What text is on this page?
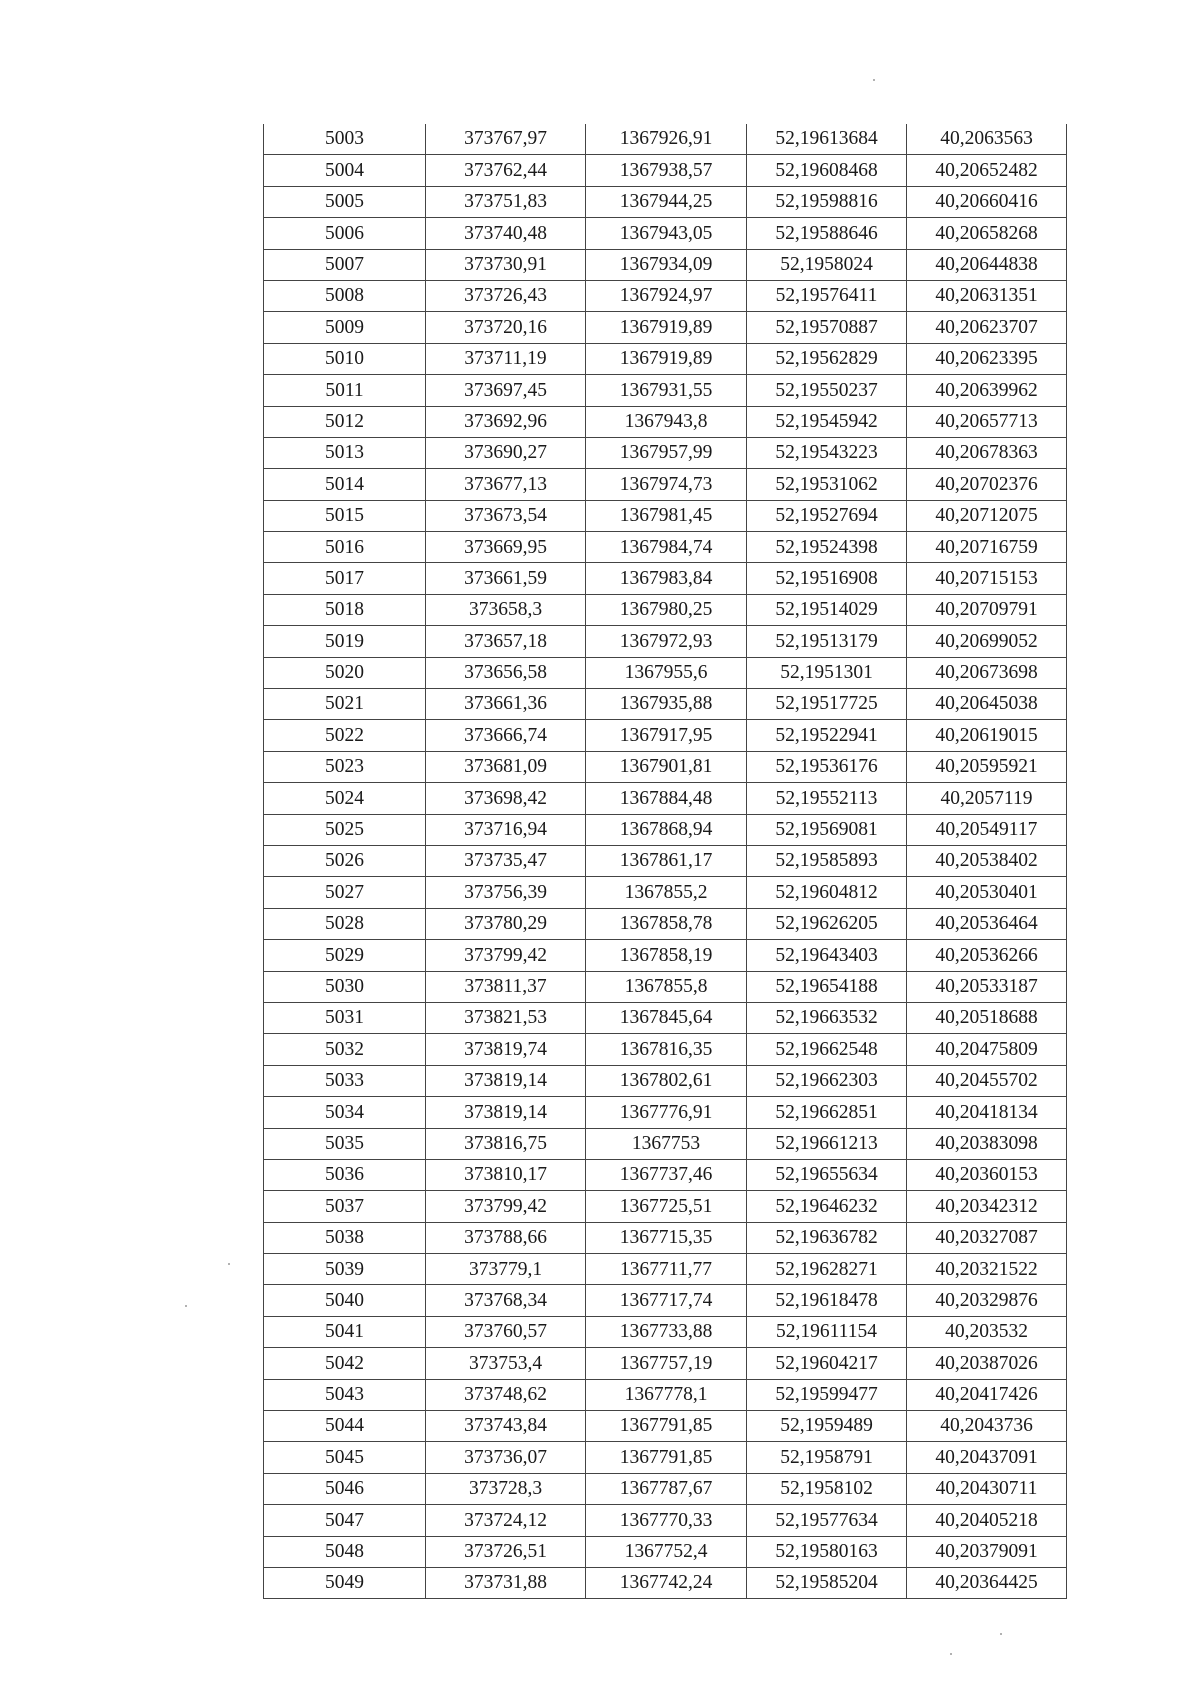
5003	373767,97	1367926,91	52,19613684	40,2063563
5004	373762,44	1367938,57	52,19608468	40,20652482
5005	373751,83	1367944,25	52,19598816	40,20660416
5006	373740,48	1367943,05	52,19588646	40,20658268
5007	373730,91	1367934,09	52,1958024	40,20644838
5008	373726,43	1367924,97	52,19576411	40,20631351
5009	373720,16	1367919,89	52,19570887	40,20623707
5010	373711,19	1367919,89	52,19562829	40,20623395
5011	373697,45	1367931,55	52,19550237	40,20639962
5012	373692,96	1367943,8	52,19545942	40,20657713
5013	373690,27	1367957,99	52,19543223	40,20678363
5014	373677,13	1367974,73	52,19531062	40,20702376
5015	373673,54	1367981,45	52,19527694	40,20712075
5016	373669,95	1367984,74	52,19524398	40,20716759
5017	373661,59	1367983,84	52,19516908	40,20715153
5018	373658,3	1367980,25	52,19514029	40,20709791
5019	373657,18	1367972,93	52,19513179	40,20699052
5020	373656,58	1367955,6	52,1951301	40,20673698
5021	373661,36	1367935,88	52,19517725	40,20645038
5022	373666,74	1367917,95	52,19522941	40,20619015
5023	373681,09	1367901,81	52,19536176	40,20595921
5024	373698,42	1367884,48	52,19552113	40,2057119
5025	373716,94	1367868,94	52,19569081	40,20549117
5026	373735,47	1367861,17	52,19585893	40,20538402
5027	373756,39	1367855,2	52,19604812	40,20530401
5028	373780,29	1367858,78	52,19626205	40,20536464
5029	373799,42	1367858,19	52,19643403	40,20536266
5030	373811,37	1367855,8	52,19654188	40,20533187
5031	373821,53	1367845,64	52,19663532	40,20518688
5032	373819,74	1367816,35	52,19662548	40,20475809
5033	373819,14	1367802,61	52,19662303	40,20455702
5034	373819,14	1367776,91	52,19662851	40,20418134
5035	373816,75	1367753	52,19661213	40,20383098
5036	373810,17	1367737,46	52,19655634	40,20360153
5037	373799,42	1367725,51	52,19646232	40,20342312
5038	373788,66	1367715,35	52,19636782	40,20327087
5039	373779,1	1367711,77	52,19628271	40,20321522
5040	373768,34	1367717,74	52,19618478	40,20329876
5041	373760,57	1367733,88	52,19611154	40,203532
5042	373753,4	1367757,19	52,19604217	40,20387026
5043	373748,62	1367778,1	52,19599477	40,20417426
5044	373743,84	1367791,85	52,1959489	40,2043736
5045	373736,07	1367791,85	52,1958791	40,20437091
5046	373728,3	1367787,67	52,1958102	40,20430711
5047	373724,12	1367770,33	52,19577634	40,20405218
5048	373726,51	1367752,4	52,19580163	40,20379091
5049	373731,88	1367742,24	52,19585204	40,20364425
